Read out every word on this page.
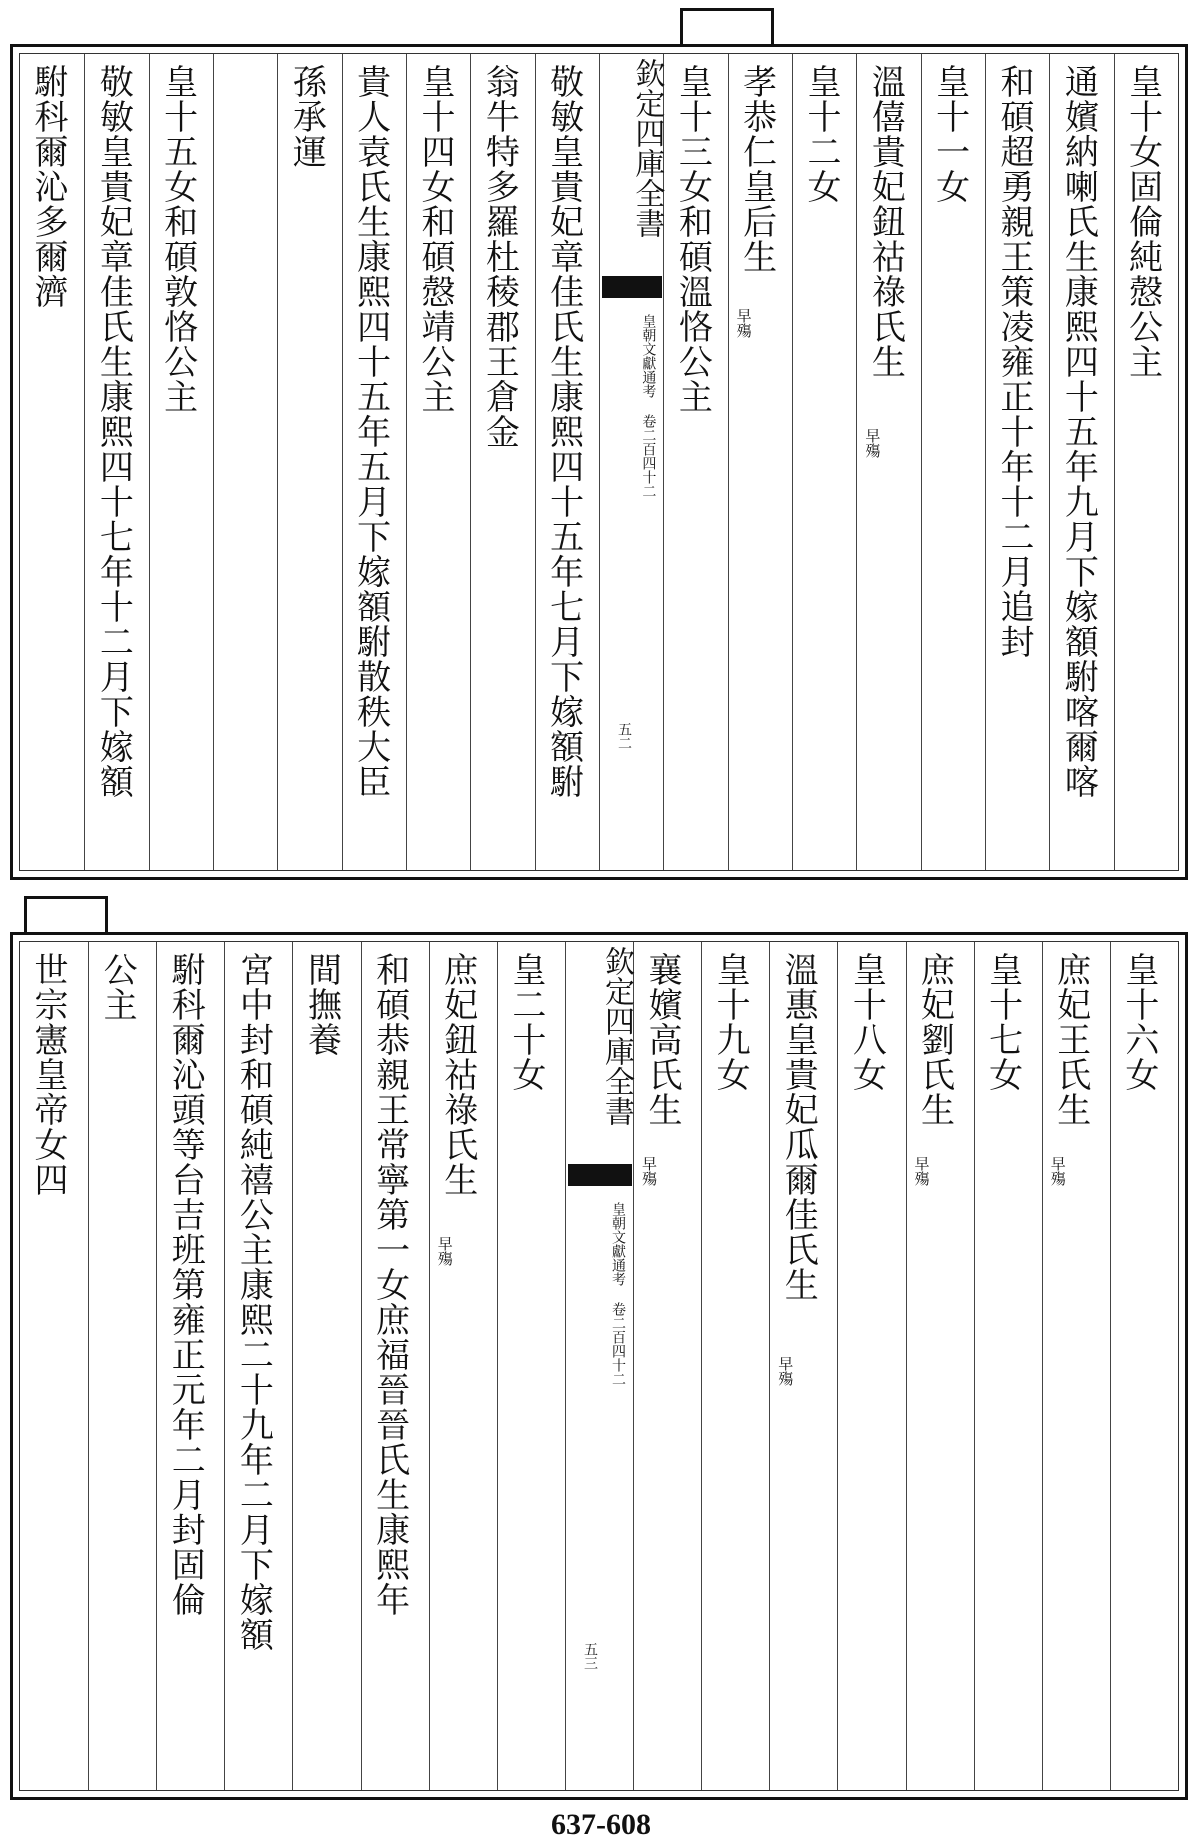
皇十女固倫純慤公主
通嬪納喇氏生康熙四十五年九月下嫁額駙喀爾喀
和碩超勇親王策凌雍正十年十二月追封
皇十一女
溫僖貴妃鈕祜祿氏生
早殤
皇十二女
孝恭仁皇后生
早殤
皇十三女和碩溫恪公主
欽定四庫全書
皇朝文獻通考 卷二百四十二
五二
敬敏皇貴妃章佳氏生康熙四十五年七月下嫁額駙
翁牛特多羅杜稜郡王倉金
皇十四女和碩慤靖公主
貴人袁氏生康熙四十五年五月下嫁額駙散秩大臣
孫承運
皇十五女和碩敦恪公主
敬敏皇貴妃章佳氏生康熙四十七年十二月下嫁額
駙科爾沁多爾濟
皇十六女
庶妃王氏生
早殤
皇十七女
庶妃劉氏生
早殤
皇十八女
溫惠皇貴妃瓜爾佳氏生
早殤
皇十九女
襄嬪高氏生
早殤
欽定四庫全書
皇朝文獻通考 卷二百四十二
五三
皇二十女
庶妃鈕祜祿氏生
早殤
和碩恭親王常寧第一女庶福晉晉氏生康熙年
間撫養
宮中封和碩純禧公主康熙二十九年二月下嫁額
駙科爾沁頭等台吉班第雍正元年二月封固倫
公主
世宗憲皇帝女四
637-608
